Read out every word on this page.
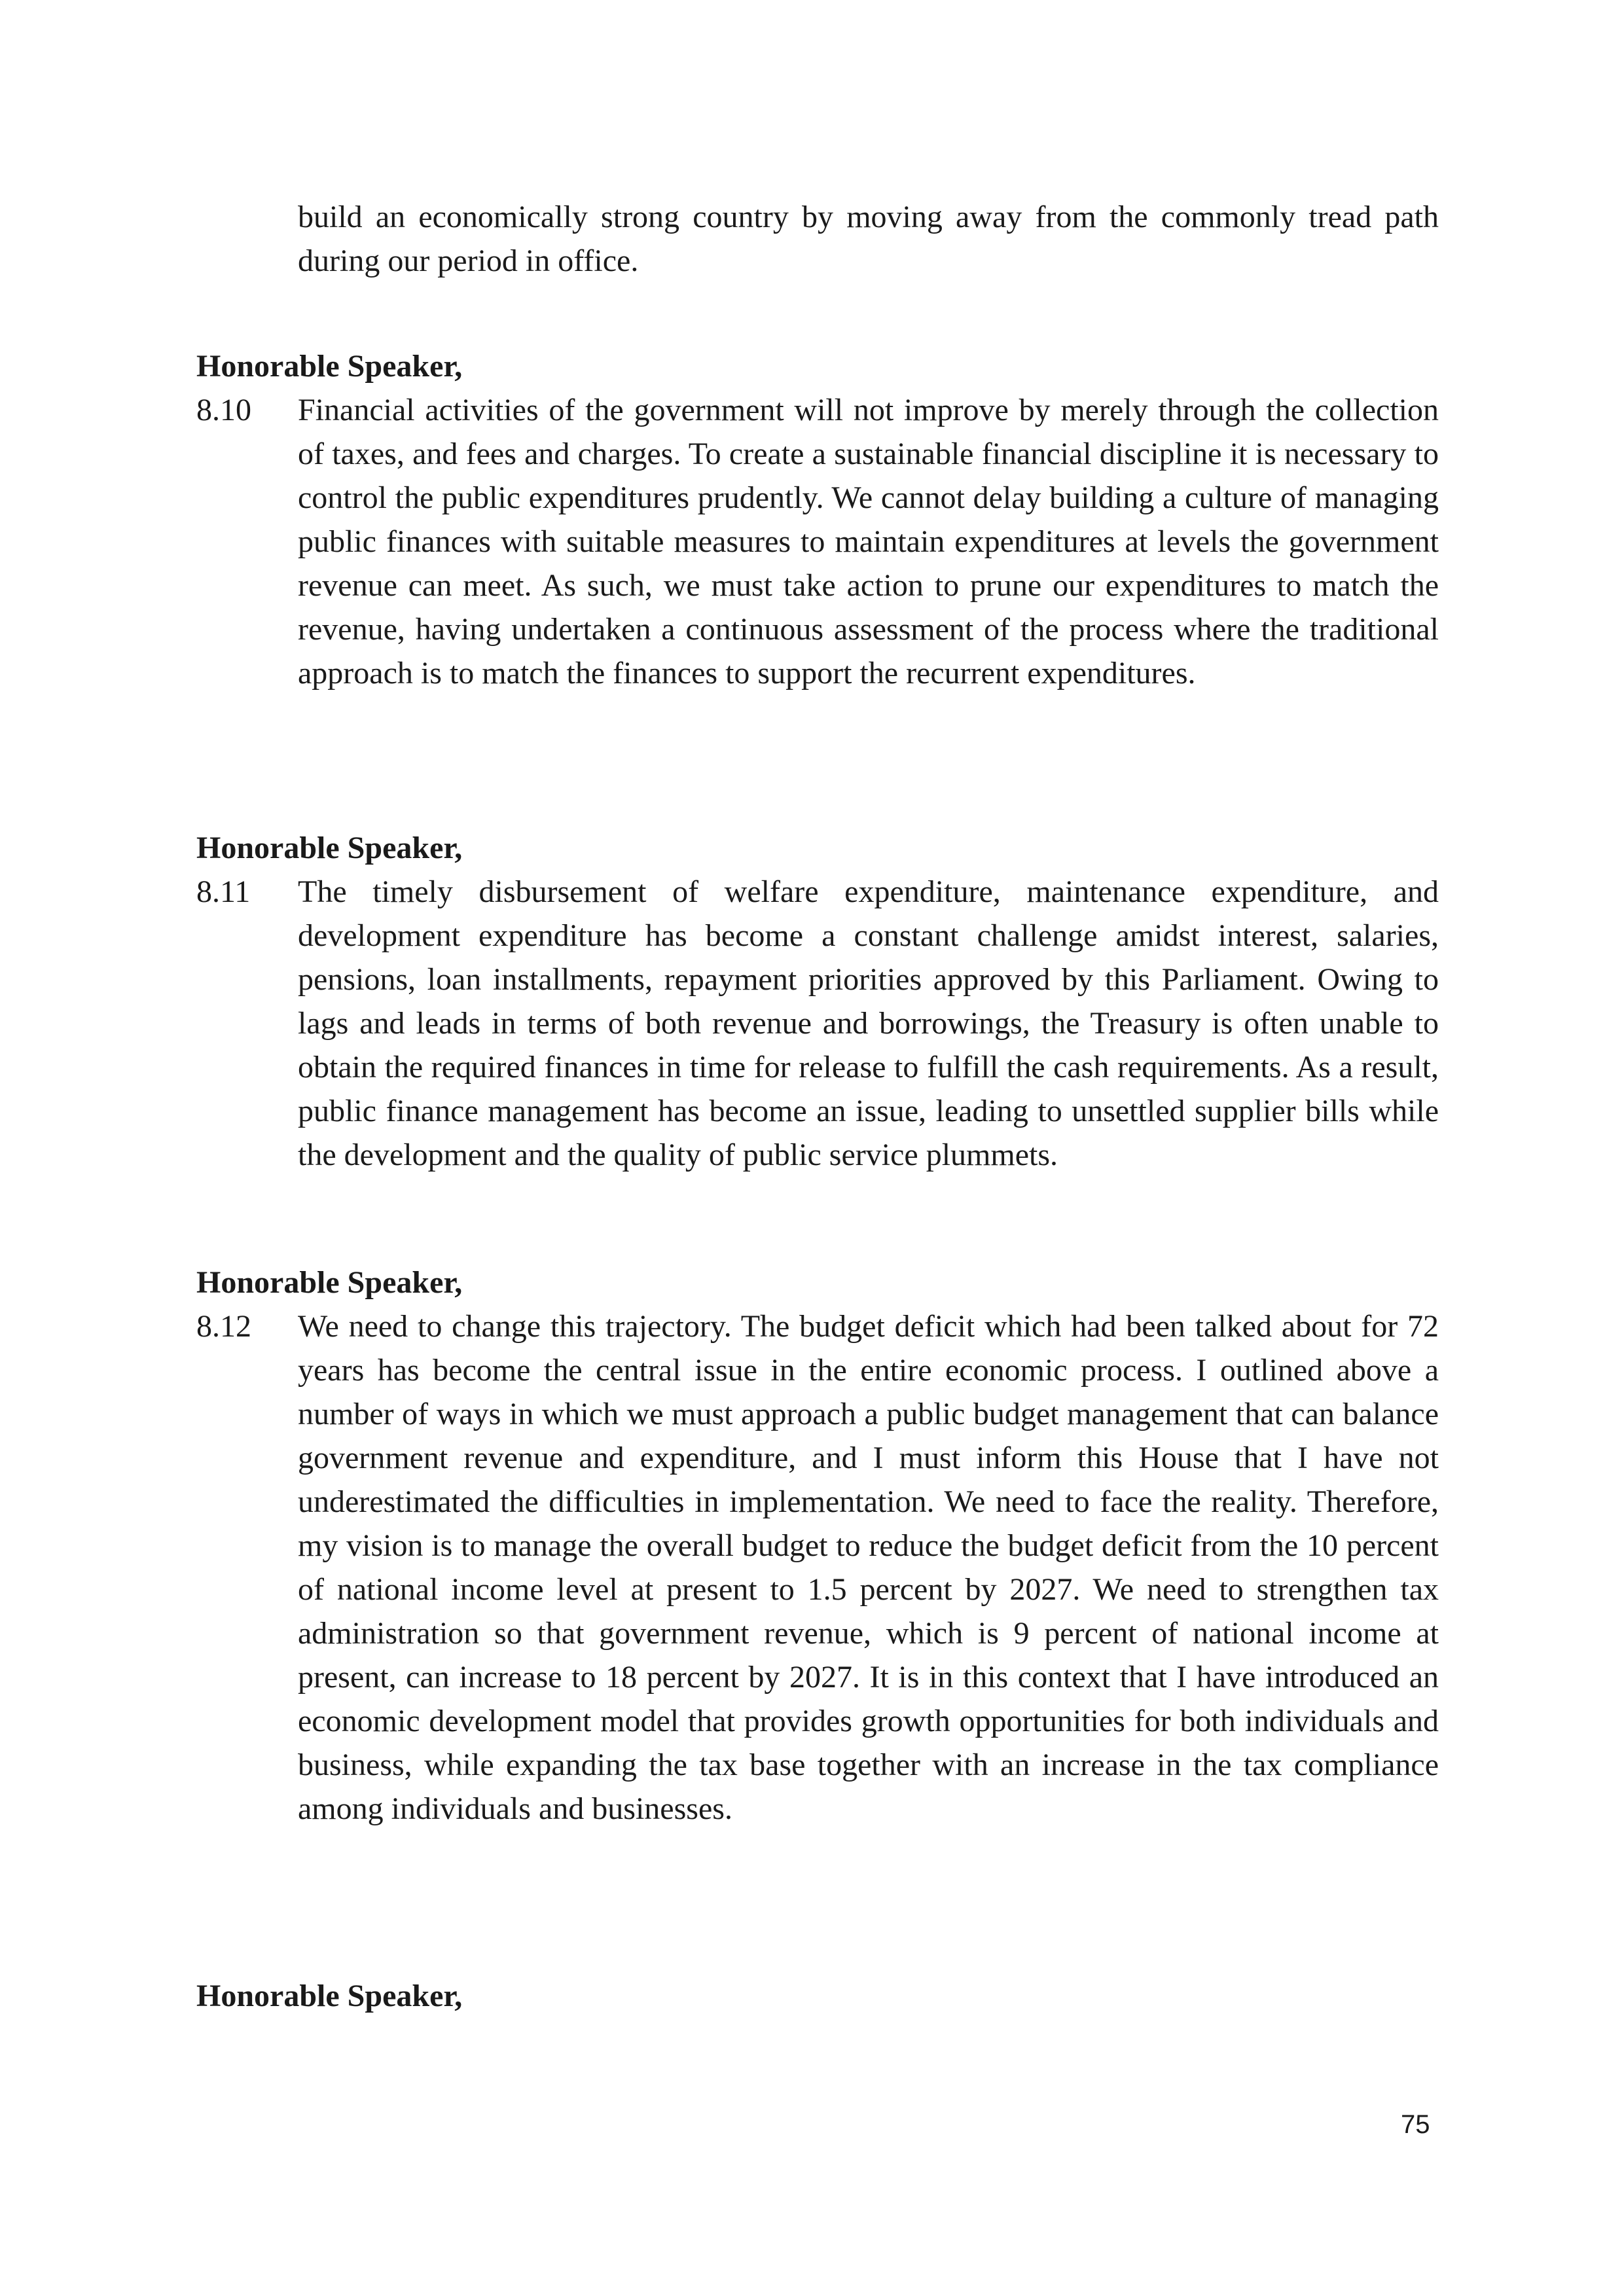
build an economically strong country by moving away from the commonly tread path during our period in office.

Honorable Speaker,

8.10 Financial activities of the government will not improve by merely through the collection of taxes, and fees and charges. To create a sustainable financial discipline it is necessary to control the public expenditures prudently. We cannot delay building a culture of managing public finances with suitable measures to maintain expenditures at levels the government revenue can meet. As such, we must take action to prune our expenditures to match the revenue, having undertaken a continuous assessment of the process where the traditional approach is to match the finances to support the recurrent expenditures.

Honorable Speaker,

8.11 The timely disbursement of welfare expenditure, maintenance expenditure, and development expenditure has become a constant challenge amidst interest, salaries, pensions, loan installments, repayment priorities approved by this Parliament. Owing to lags and leads in terms of both revenue and borrowings, the Treasury is often unable to obtain the required finances in time for release to fulfill the cash requirements. As a result, public finance management has become an issue, leading to unsettled supplier bills while the development and the quality of public service plummets.

Honorable Speaker,

8.12 We need to change this trajectory. The budget deficit which had been talked about for 72 years has become the central issue in the entire economic process. I outlined above a number of ways in which we must approach a public budget management that can balance government revenue and expenditure, and I must inform this House that I have not underestimated the difficulties in implementation. We need to face the reality. Therefore, my vision is to manage the overall budget to reduce the budget deficit from the 10 percent of national income level at present to 1.5 percent by 2027. We need to strengthen tax administration so that government revenue, which is 9 percent of national income at present, can increase to 18 percent by 2027. It is in this context that I have introduced an economic development model that provides growth opportunities for both individuals and business, while expanding the tax base together with an increase in the tax compliance among individuals and businesses.

Honorable Speaker,

75
